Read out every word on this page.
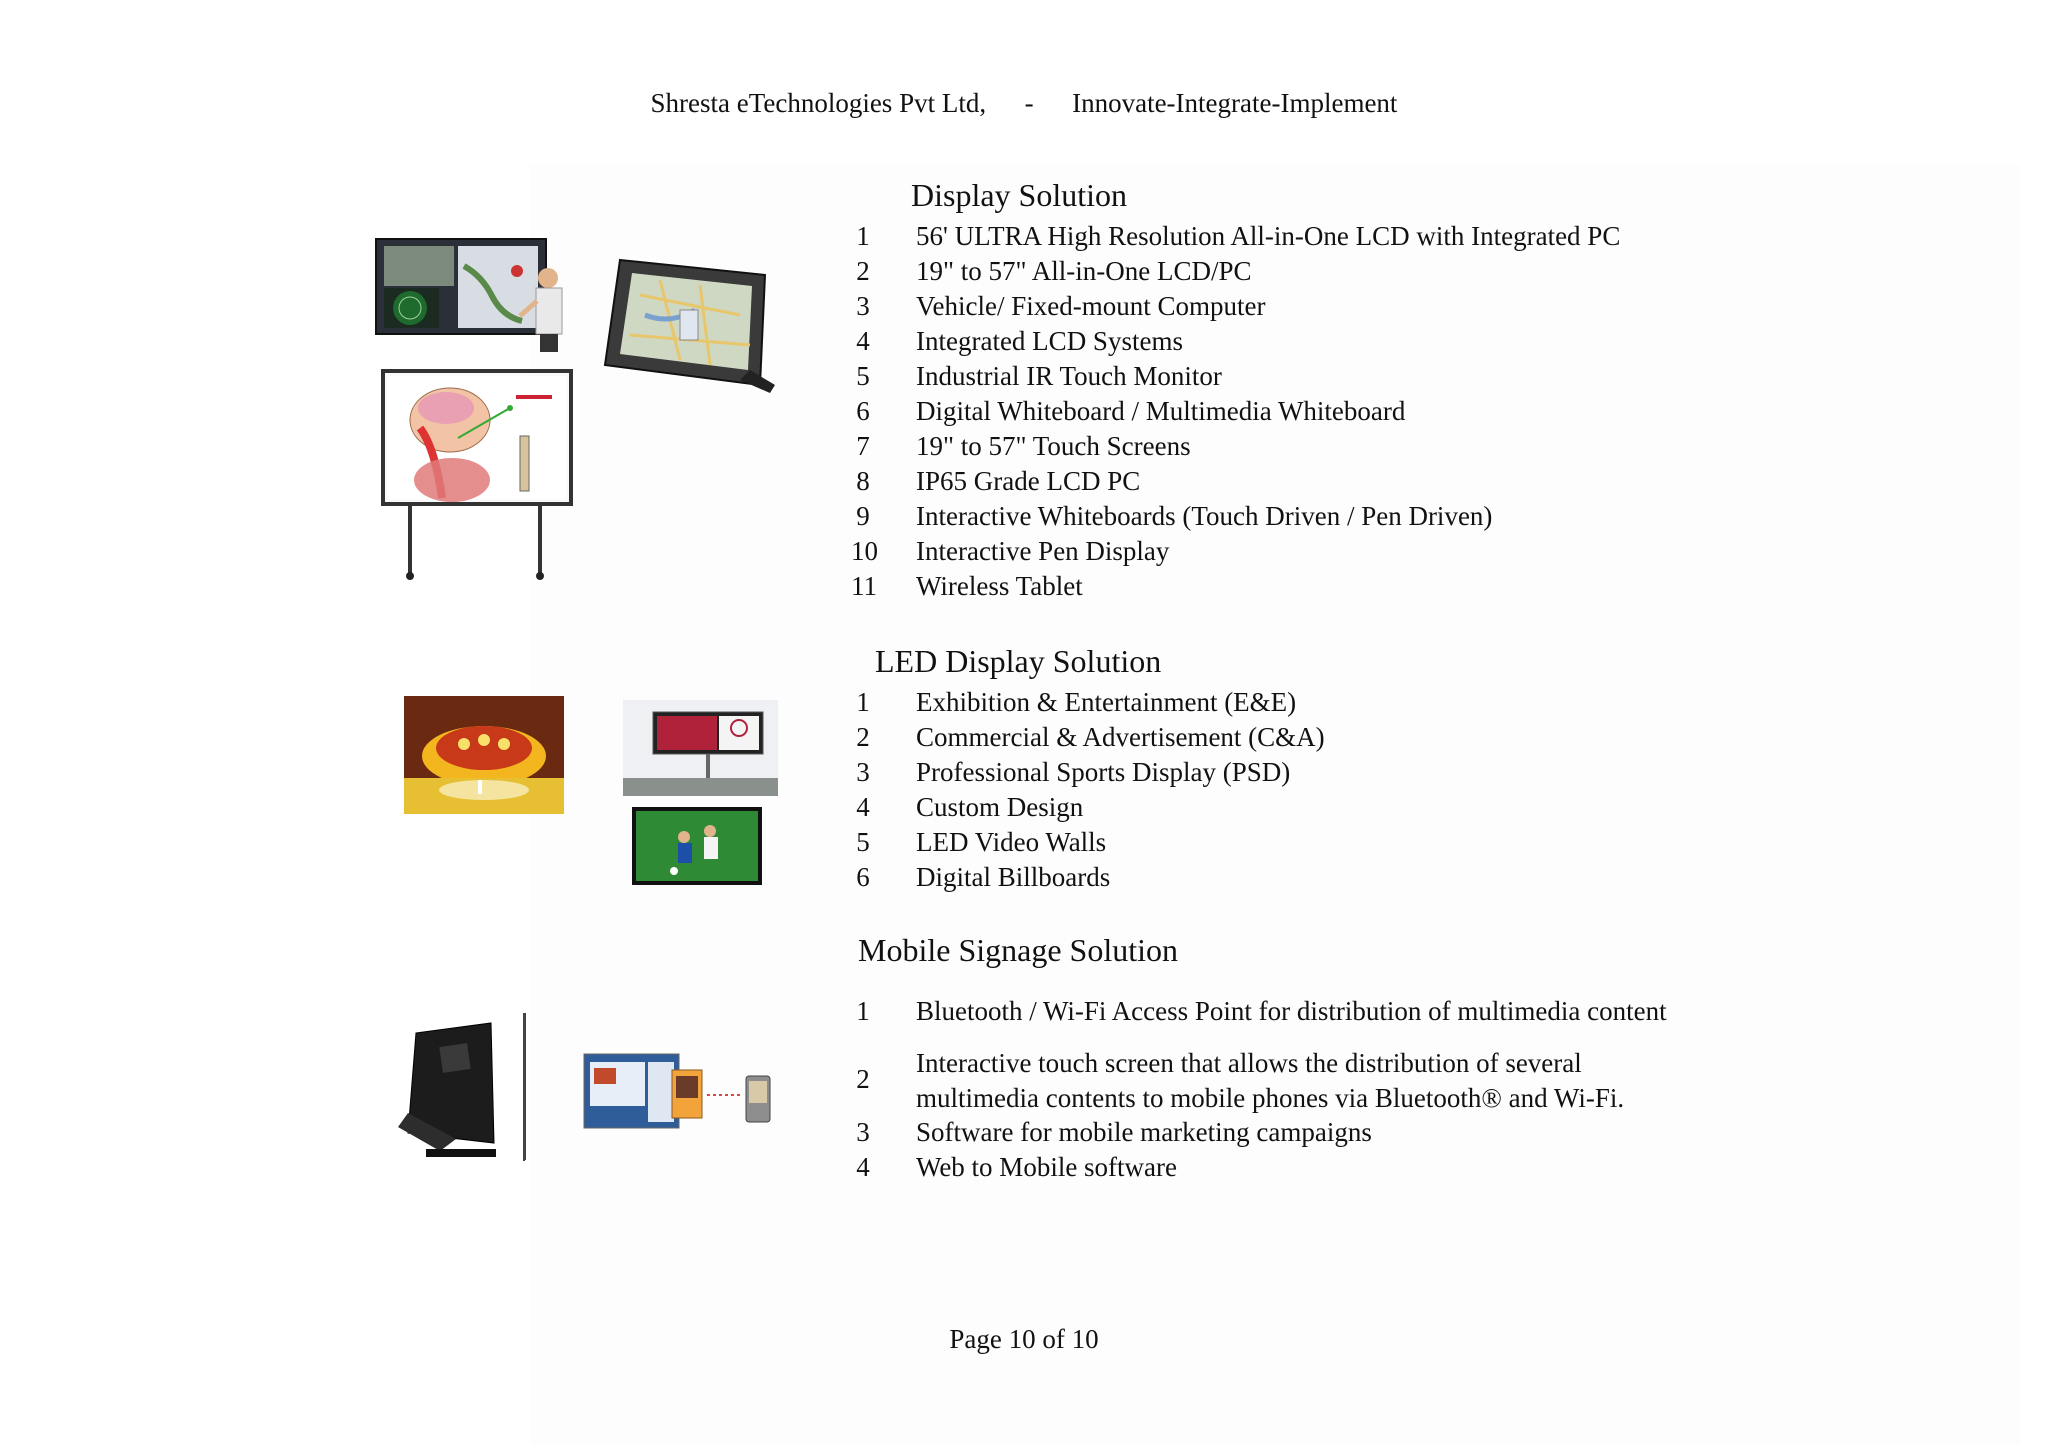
Shresta eTechnologies Pvt Ltd, - Innovate-Integrate-Implement
Display Solution
1 56' ULTRA High Resolution All-in-One LCD with Integrated PC
2 19" to 57" All-in-One LCD/PC
3 Vehicle/ Fixed-mount Computer
4 Integrated LCD Systems
5 Industrial IR Touch Monitor
6 Digital Whiteboard / Multimedia Whiteboard
7 19" to 57" Touch Screens
8 IP65 Grade LCD PC
9 Interactive Whiteboards (Touch Driven / Pen Driven)
10 Interactive Pen Display
11 Wireless Tablet
LED Display Solution
1 Exhibition & Entertainment (E&E)
2 Commercial & Advertisement (C&A)
3 Professional Sports Display (PSD)
4 Custom Design
5 LED Video Walls
6 Digital Billboards
Mobile Signage Solution
1 Bluetooth / Wi-Fi Access Point for distribution of multimedia content
2
Interactive touch screen that allows the distribution of several
multimedia contents to mobile phones via Bluetooth® and Wi-Fi.
3 Software for mobile marketing campaigns
4 Web to Mobile software
Page 10 of 10
